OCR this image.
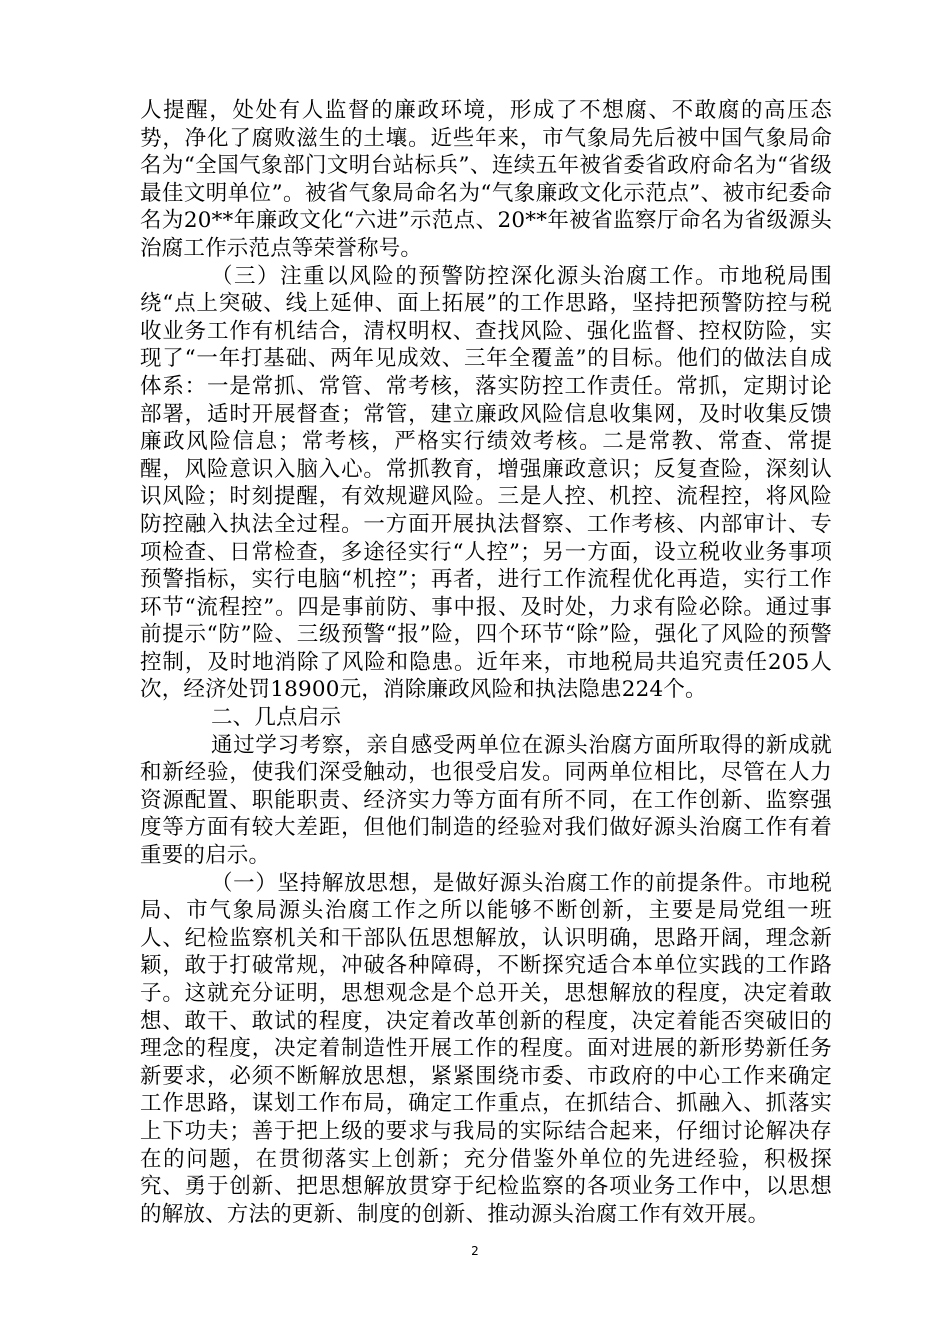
人提醒，处处有人监督的廉政环境，形成了不想腐、不敢腐的高压态势，净化了腐败滋生的土壤。近些年来，市气象局先后被中国气象局命名为“全国气象部门文明台站标兵”、连续五年被省委省政府命名为“省级最佳文明单位”。被省气象局命名为“气象廉政文化示范点”、被市纪委命名为20**年廉政文化“六进”示范点、20**年被省监察厅命名为省级源头治腐工作示范点等荣誉称号。

（三）注重以风险的预警防控深化源头治腐工作。市地税局围绕“点上突破、线上延伸、面上拓展”的工作思路，坚持把预警防控与税收业务工作有机结合，清权明权、查找风险、强化监督、控权防险，实现了“一年打基础、两年见成效、三年全覆盖”的目标。他们的做法自成体系：一是常抓、常管、常考核，落实防控工作责任。常抓，定期讨论部署，适时开展督查；常管，建立廉政风险信息收集网，及时收集反馈廉政风险信息；常考核，严格实行绩效考核。二是常教、常查、常提醒，风险意识入脑入心。常抓教育，增强廉政意识；反复查险，深刻认识风险；时刻提醒，有效规避风险。三是人控、机控、流程控，将风险防控融入执法全过程。一方面开展执法督察、工作考核、内部审计、专项检查、日常检查，多途径实行“人控”；另一方面，设立税收业务事项预警指标，实行电脑“机控”；再者，进行工作流程优化再造，实行工作环节“流程控”。四是事前防、事中报、及时处，力求有险必除。通过事前提示“防”险、三级预警“报”险，四个环节“除”险，强化了风险的预警控制，及时地消除了风险和隐患。近年来，市地税局共追究责任205人次，经济处罚18900元，消除廉政风险和执法隐患224个。

二、几点启示

通过学习考察，亲自感受两单位在源头治腐方面所取得的新成就和新经验，使我们深受触动，也很受启发。同两单位相比，尽管在人力资源配置、职能职责、经济实力等方面有所不同，在工作创新、监察强度等方面有较大差距，但他们制造的经验对我们做好源头治腐工作有着重要的启示。

（一）坚持解放思想，是做好源头治腐工作的前提条件。市地税局、市气象局源头治腐工作之所以能够不断创新，主要是局党组一班人、纪检监察机关和干部队伍思想解放，认识明确，思路开阔，理念新颖，敢于打破常规，冲破各种障碍，不断探究适合本单位实践的工作路子。这就充分证明，思想观念是个总开关，思想解放的程度，决定着敢想、敢干、敢试的程度，决定着改革创新的程度，决定着能否突破旧的理念的程度，决定着制造性开展工作的程度。面对进展的新形势新任务新要求，必须不断解放思想，紧紧围绕市委、市政府的中心工作来确定工作思路，谋划工作布局，确定工作重点，在抓结合、抓融入、抓落实上下功夫；善于把上级的要求与我局的实际结合起来，仔细讨论解决存在的问题，在贯彻落实上创新；充分借鉴外单位的先进经验，积极探究、勇于创新、把思想解放贯穿于纪检监察的各项业务工作中，以思想的解放、方法的更新、制度的创新、推动源头治腐工作有效开展。

2
